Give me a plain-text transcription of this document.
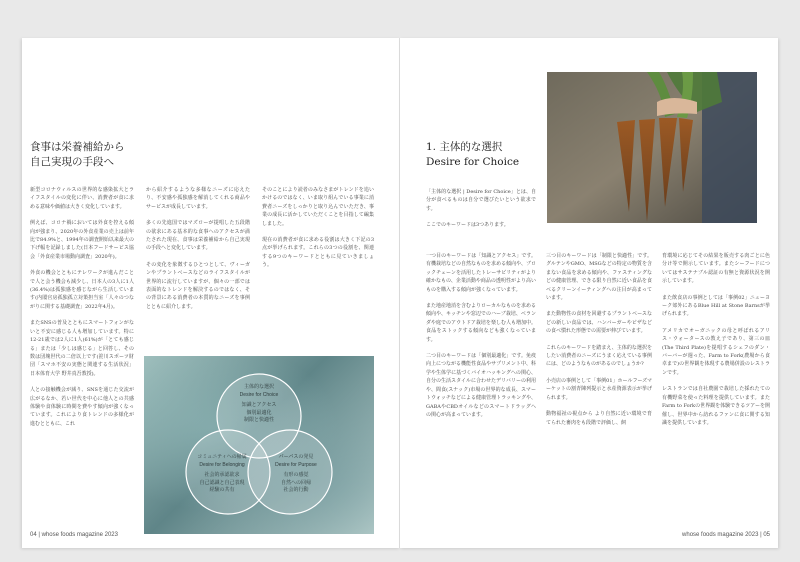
食事は栄養補給から
自己実現の手段へ

新型コロナウィルスの世界的な感染拡大とライフスタイルの変化に伴い、消費者が食に求める意味や価値は大きく変化しています。

例えば、コロナ禍においては外食を控える傾向が強まり、2020年の外食産業の売上は前年比で84.9%と、1994年の調査開始以来最大の下げ幅を記録しました(日本フードサービス協会「外食産業市場動向調査」2020年)。

外食の機会とともにテレワークが進んだことで人と会う機会も減少し、日本人の3人に1人(36.4%)は孤独感を感じながら生活しています(内閣官房孤独孤立対策担当室「人々のつながりに関する基礎調査」2022年4月)。

またSNSの普及とともにスマートフォンがないと不安に感じる人も増加しています。特に12-21歳では2人に1人(61%)が「とても感じる」または「少しは感じる」と回答し、その数は団塊世代の二倍以上です(笹川スポーツ財団「スマホ不安の実態と関連する生活状況」日本体育大学 野井真吾教授)。

人との接触機会が減り、SNSを通じた交流が広がるなか、若い世代を中心に他人との共感体験や食体験に時間を費やす傾向が強くなっています。これにより食トレンドの多様化が進むとともに、これ

から紹介するような多様なニーズに応えたり、不安感や孤独感を解消してくれる商品やサービスが成長しています。

多くの先進国ではマズローが提唱した五段階の欲求にある基本的な食事へのアクセスが満たされた現在、食事は栄養補給から自己実現の手段へと変化しています。

その変化を象徴するひとつとして、ヴィーガンやプラントベースなどのライフスタイルが世界的に流行していますが、個々の一部では表面的なトレンドを解決するのではなく、その背景にある消費者の本質的なニーズを事例とともに紹介します。

そのことにより読者のみなさまがトレンドを追いかけるのではなく、いま取り組んでいる事業に消費者ニーズをしっかりと取り込んでいただき、事業の成長に活かしていただくことを目指して編集しました。

現在の消費者が食に求める役割は大きく下記の3点が挙げられます。これらの3つの役割を、関連する9つのキーワードとともに見ていきましょう。

主体的な選択
Desire for Choice
知識とアクセス
個別最適化
制限と快適性
コミュニティへの帰属
Desire for Belonging
社会的承認欲求
自己認識と自己表現
経験の共有
パーパスの発見
Desire for Purpose
有形の感覚
自然への回帰
社会的行動
04 | whose foods magazine 2023
1. 主体的な選択
Desire for Choice

「主体的な選択 | Desire for Choice」とは、自分が食べるものは自分で選びたいという欲求です。

ここでのキーワードは3つあります。

一つ目のキーワードは「知識とアクセス」です。有機栽培などの自然なものを求める傾向や、ブロックチェーンを活用したトレーサビリティがより確かなもの、企業活動や商品の透明性がより高いものを購入する傾向が強くなっています。

また地産地消を含むよりローカルなものを求める傾向や、キッチンや窓辺でのハーブ栽培、ベランダや庭でのアウトドア栽培を楽しむ人も増加中。食品をストックする傾向なども強くなっています。

二つ目のキーワードは「個別最適化」です。免疫向上につながる機能性食品やサプリメント中、科学や生体学に基づくバイオハッキングへの関心、自分の生活スタイルに合わせたデリバリーの利用や、間食(スナック)市場の世界的な成長、スマートウォッチなどによる健康管理トラッキングや、GABAやCBDオイルなどのスマートドラッグへの関心が高まっています。

三つ目のキーワードは「制限と快適性」です。グルテンやGMO、MSGなどの特定の物質を含まない食品を求める傾向や、ファスティングなどの健康管理、できる限り自然に近い食品を食べるクリーンイーティングへの注目が高まっています。

また動物性の食材を回避するプラントベースなどの新しい食品では、ハンバーガーやビザなどの食べ慣れた形態での需要が伸びています。

これらのキーワードを踏まえ、主体的な選択をしたい消費者のニーズにうまく応えている事例には、どのようなものがあるのでしょうか?

小売店の事例として「事例01」ホールフーズマーケットの割青陳列提示と水産資源表示が挙げられます。

動物福祉の視点から より自然に近い環境で育てられた畜肉をも段階で評価し、飼

育環境に応じてその結果を販売する肉ごとに色分け等で開示しています。またシーフードについてはサステナブル認証の有無と資源状況を開示しています。

また飲食店の事例としては「事例02」ニューヨーク郊外にあるBlue Hill at Stone Barnsが挙げられます。

アメリカでオーガニックの母と呼ばれるアリス・ウォータースの教え子であり、第三の皿(The Third Plate)を提唱するシェフのダン・バーバーが週った、Farm to Fork(農場から食卓まで)の世界観を体現する農場併設のレストランです。

レストランでは自社農園で栽培した採れたての有機野菜を使った料理を提供しています。またFarm to Forkの世界観を体験できるツアーを開催し、世界中から訪れるファンに食に関する知識を提供しています。

whose foods magazine 2023 | 05
